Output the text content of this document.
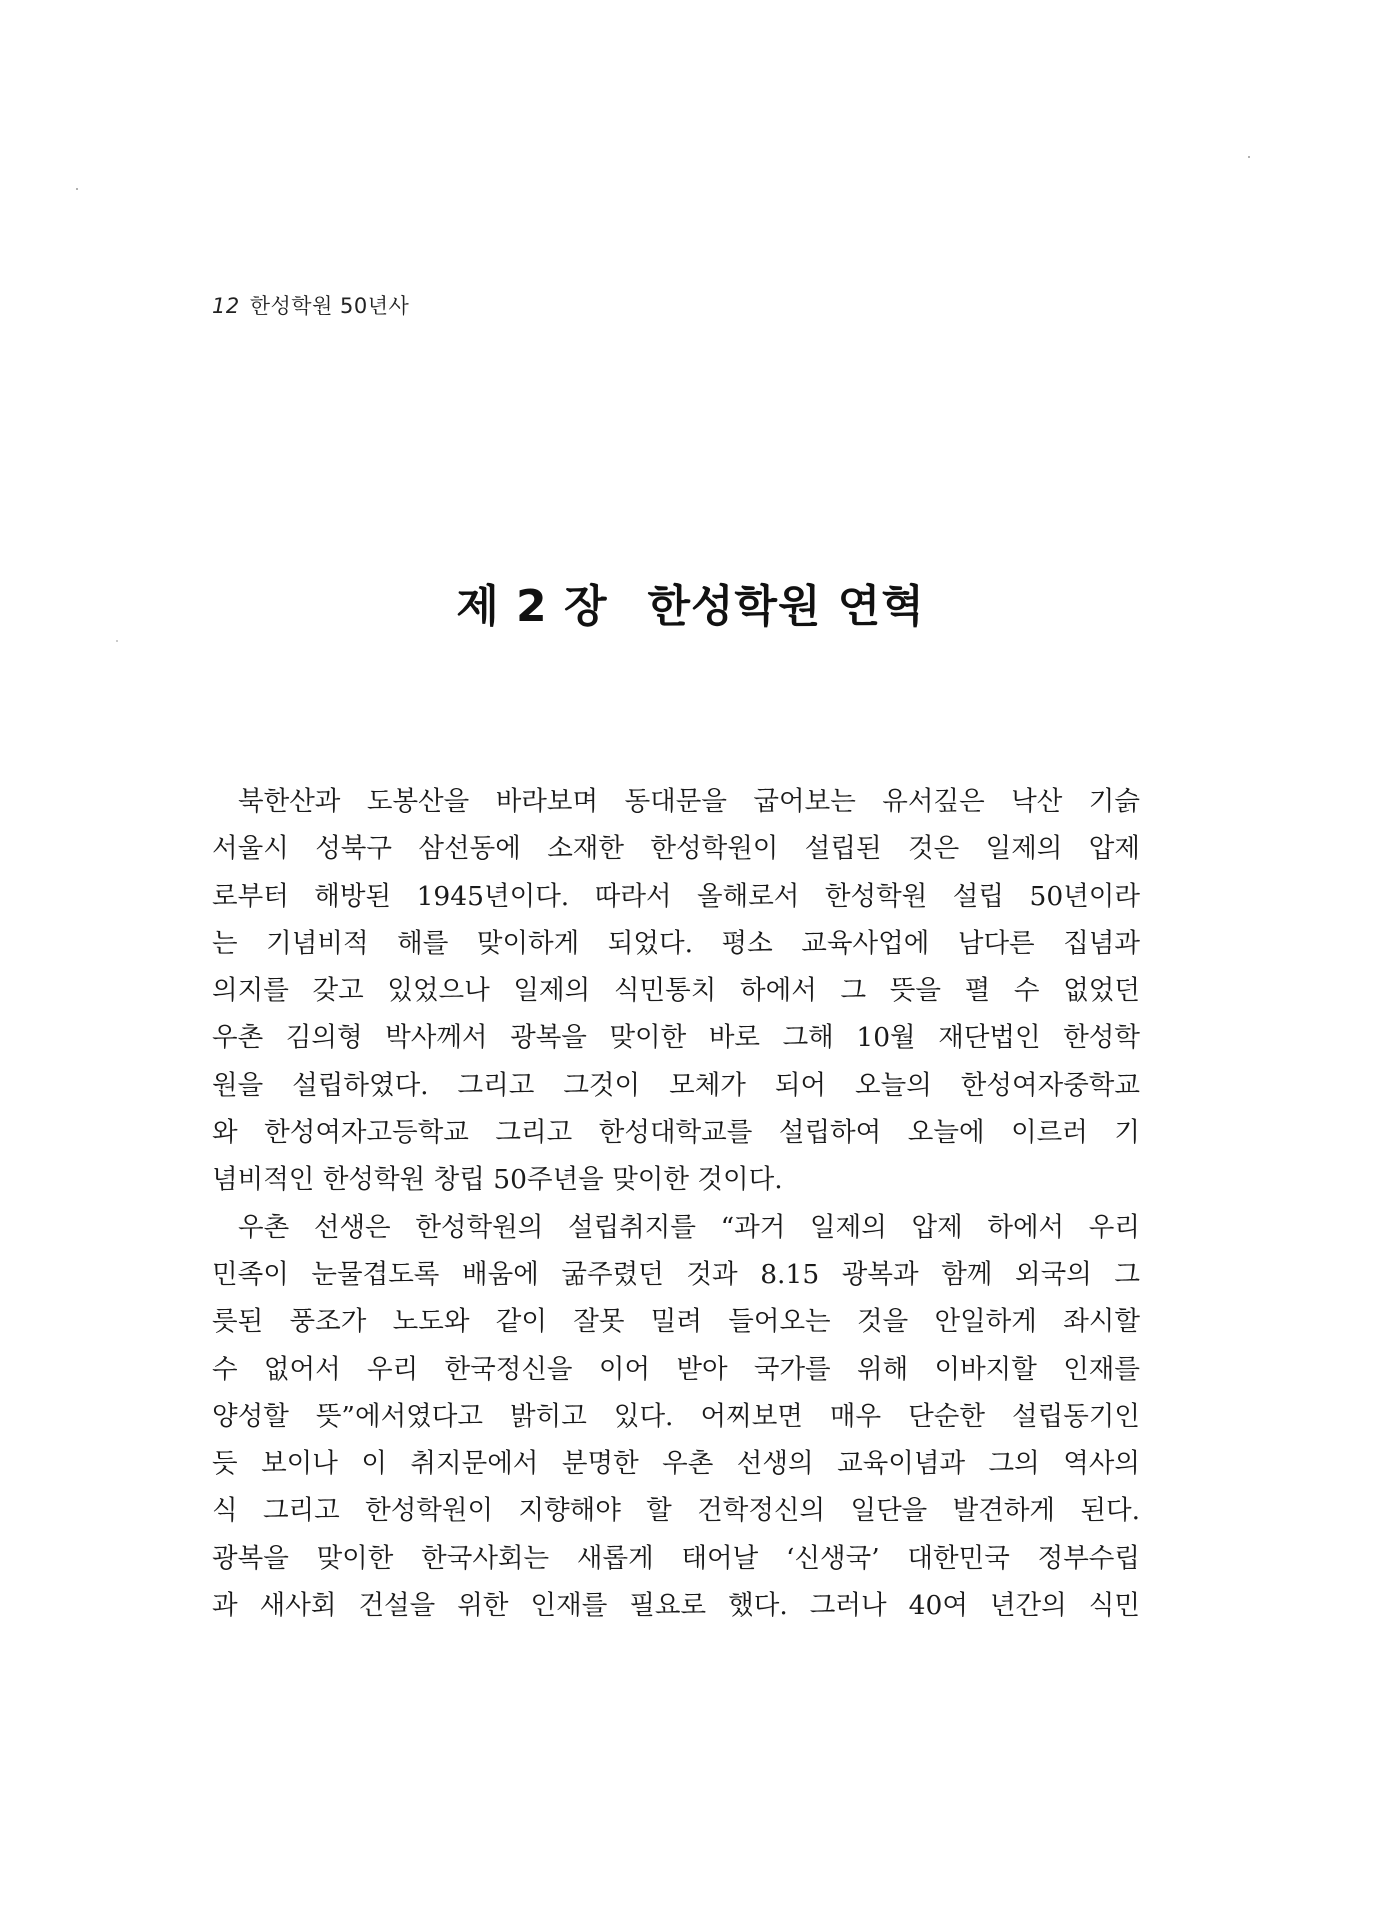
12 한성학원 50년사
제 2 장 한성학원 연혁
북한산과 도봉산을 바라보며 동대문을 굽어보는 유서깊은 낙산 기슭
서울시 성북구 삼선동에 소재한 한성학원이 설립된 것은 일제의 압제
로부터 해방된 1945년이다. 따라서 올해로서 한성학원 설립 50년이라
는 기념비적 해를 맞이하게 되었다. 평소 교육사업에 남다른 집념과
의지를 갖고 있었으나 일제의 식민통치 하에서 그 뜻을 펼 수 없었던
우촌 김의형 박사께서 광복을 맞이한 바로 그해 10월 재단법인 한성학
원을 설립하였다. 그리고 그것이 모체가 되어 오늘의 한성여자중학교
와 한성여자고등학교 그리고 한성대학교를 설립하여 오늘에 이르러 기
념비적인 한성학원 창립 50주년을 맞이한 것이다.
우촌 선생은 한성학원의 설립취지를 “과거 일제의 압제 하에서 우리
민족이 눈물겹도록 배움에 굶주렸던 것과 8.15 광복과 함께 외국의 그
릇된 풍조가 노도와 같이 잘못 밀려 들어오는 것을 안일하게 좌시할
수 없어서 우리 한국정신을 이어 받아 국가를 위해 이바지할 인재를
양성할 뜻”에서였다고 밝히고 있다. 어찌보면 매우 단순한 설립동기인
듯 보이나 이 취지문에서 분명한 우촌 선생의 교육이념과 그의 역사의
식 그리고 한성학원이 지향해야 할 건학정신의 일단을 발견하게 된다.
광복을 맞이한 한국사회는 새롭게 태어날 ‘신생국’ 대한민국 정부수립
과 새사회 건설을 위한 인재를 필요로 했다. 그러나 40여 년간의 식민
